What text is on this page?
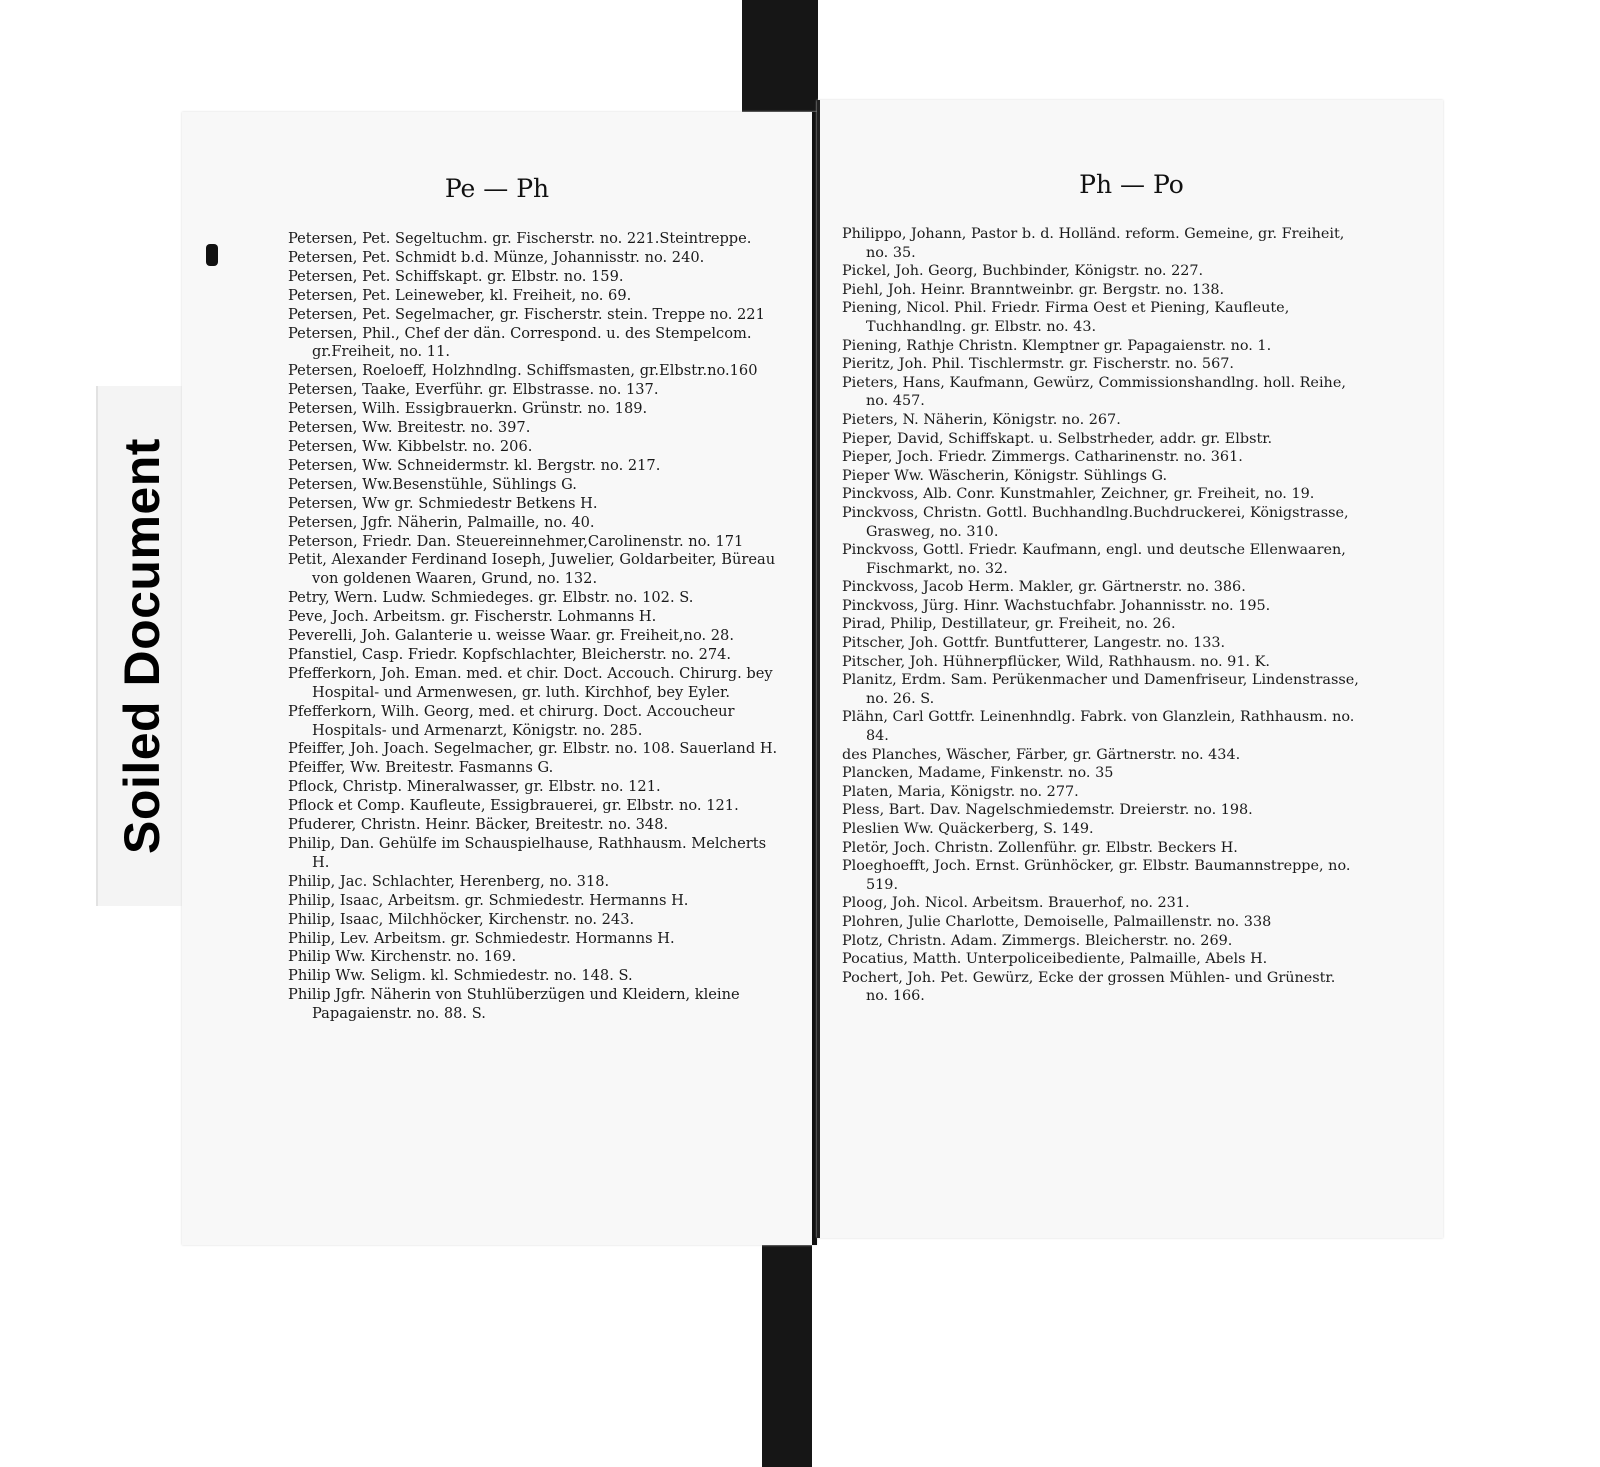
Soiled Document
Pe — Ph
Petersen, Pet. Segeltuchm. gr. Fischerstr. no. 221.Steintreppe.
Petersen, Pet. Schmidt b.d. Münze, Johannisstr. no. 240.
Petersen, Pet. Schiffskapt. gr. Elbstr. no. 159.
Petersen, Pet. Leineweber, kl. Freiheit, no. 69.
Petersen, Pet. Segelmacher, gr. Fischerstr. stein. Treppe no. 221
Petersen, Phil., Chef der dän. Correspond. u. des Stempelcom. gr.Freiheit, no. 11.
Petersen, Roeloeff, Holzhndlng. Schiffsmasten, gr.Elbstr.no.160
Petersen, Taake, Everführ. gr. Elbstrasse. no. 137.
Petersen, Wilh. Essigbrauerkn. Grünstr. no. 189.
Petersen, Ww. Breitestr. no. 397.
Petersen, Ww. Kibbelstr. no. 206.
Petersen, Ww. Schneidermstr. kl. Bergstr. no. 217.
Petersen, Ww.Besenstühle, Sühlings G.
Petersen, Ww gr. Schmiedestr Betkens H.
Petersen, Jgfr. Näherin, Palmaille, no. 40.
Peterson, Friedr. Dan. Steuereinnehmer,Carolinenstr. no. 171
Petit, Alexander Ferdinand Ioseph, Juwelier, Goldarbeiter, Büreau von goldenen Waaren, Grund, no. 132.
Petry, Wern. Ludw. Schmiedeges. gr. Elbstr. no. 102. S.
Peve, Joch. Arbeitsm. gr. Fischerstr. Lohmanns H.
Peverelli, Joh. Galanterie u. weisse Waar. gr. Freiheit,no. 28.
Pfanstiel, Casp. Friedr. Kopfschlachter, Bleicherstr. no. 274.
Pfefferkorn, Joh. Eman. med. et chir. Doct. Accouch. Chirurg. bey Hospital- und Armenwesen, gr. luth. Kirchhof, bey Eyler.
Pfefferkorn, Wilh. Georg, med. et chirurg. Doct. Accoucheur Hospitals- und Armenarzt, Königstr. no. 285.
Pfeiffer, Joh. Joach. Segelmacher, gr. Elbstr. no. 108. Sauerland H.
Pfeiffer, Ww. Breitestr. Fasmanns G.
Pflock, Christp. Mineralwasser, gr. Elbstr. no. 121.
Pflock et Comp. Kaufleute, Essigbrauerei, gr. Elbstr. no. 121.
Pfuderer, Christn. Heinr. Bäcker, Breitestr. no. 348.
Philip, Dan. Gehülfe im Schauspielhause, Rathhausm. Melcherts H.
Philip, Jac. Schlachter, Herenberg, no. 318.
Philip, Isaac, Arbeitsm. gr. Schmiedestr. Hermanns H.
Philip, Isaac, Milchhöcker, Kirchenstr. no. 243.
Philip, Lev. Arbeitsm. gr. Schmiedestr. Hormanns H.
Philip Ww. Kirchenstr. no. 169.
Philip Ww. Seligm. kl. Schmiedestr. no. 148. S.
Philip Jgfr. Näherin von Stuhlüberzügen und Kleidern, kleine Papagaienstr. no. 88. S.
Ph — Po
Philippo, Johann, Pastor b. d. Holländ. reform. Gemeine, gr. Freiheit, no. 35.
Pickel, Joh. Georg, Buchbinder, Königstr. no. 227.
Piehl, Joh. Heinr. Branntweinbr. gr. Bergstr. no. 138.
Piening, Nicol. Phil. Friedr. Firma Oest et Piening, Kaufleute, Tuchhandlng. gr. Elbstr. no. 43.
Piening, Rathje Christn. Klemptner gr. Papagaienstr. no. 1.
Pieritz, Joh. Phil. Tischlermstr. gr. Fischerstr. no. 567.
Pieters, Hans, Kaufmann, Gewürz, Commissionshandlng. holl. Reihe, no. 457.
Pieters, N. Näherin, Königstr. no. 267.
Pieper, David, Schiffskapt. u. Selbstrheder, addr. gr. Elbstr.
Pieper, Joch. Friedr. Zimmergs. Catharinenstr. no. 361.
Pieper Ww. Wäscherin, Königstr. Sühlings G.
Pinckvoss, Alb. Conr. Kunstmahler, Zeichner, gr. Freiheit, no. 19.
Pinckvoss, Christn. Gottl. Buchhandlng.Buchdruckerei, Königstrasse, Grasweg, no. 310.
Pinckvoss, Gottl. Friedr. Kaufmann, engl. und deutsche Ellenwaaren, Fischmarkt, no. 32.
Pinckvoss, Jacob Herm. Makler, gr. Gärtnerstr. no. 386.
Pinckvoss, Jürg. Hinr. Wachstuchfabr. Johannisstr. no. 195.
Pirad, Philip, Destillateur, gr. Freiheit, no. 26.
Pitscher, Joh. Gottfr. Buntfutterer, Langestr. no. 133.
Pitscher, Joh. Hühnerpflücker, Wild, Rathhausm. no. 91. K.
Planitz, Erdm. Sam. Perükenmacher und Damenfriseur, Lindenstrasse, no. 26. S.
Plähn, Carl Gottfr. Leinenhndlg. Fabrk. von Glanzlein, Rathhausm. no. 84.
des Planches, Wäscher, Färber, gr. Gärtnerstr. no. 434.
Plancken, Madame, Finkenstr. no. 35
Platen, Maria, Königstr. no. 277.
Pless, Bart. Dav. Nagelschmiedemstr. Dreierstr. no. 198.
Pleslien Ww. Quäckerberg, S. 149.
Pletör, Joch. Christn. Zollenführ. gr. Elbstr. Beckers H.
Ploeghoefft, Joch. Ernst. Grünhöcker, gr. Elbstr. Baumannstreppe, no. 519.
Ploog, Joh. Nicol. Arbeitsm. Brauerhof, no. 231.
Plohren, Julie Charlotte, Demoiselle, Palmaillenstr. no. 338
Plotz, Christn. Adam. Zimmergs. Bleicherstr. no. 269.
Pocatius, Matth. Unterpoliceibediente, Palmaille, Abels H.
Pochert, Joh. Pet. Gewürz, Ecke der grossen Mühlen- und Grünestr. no. 166.
